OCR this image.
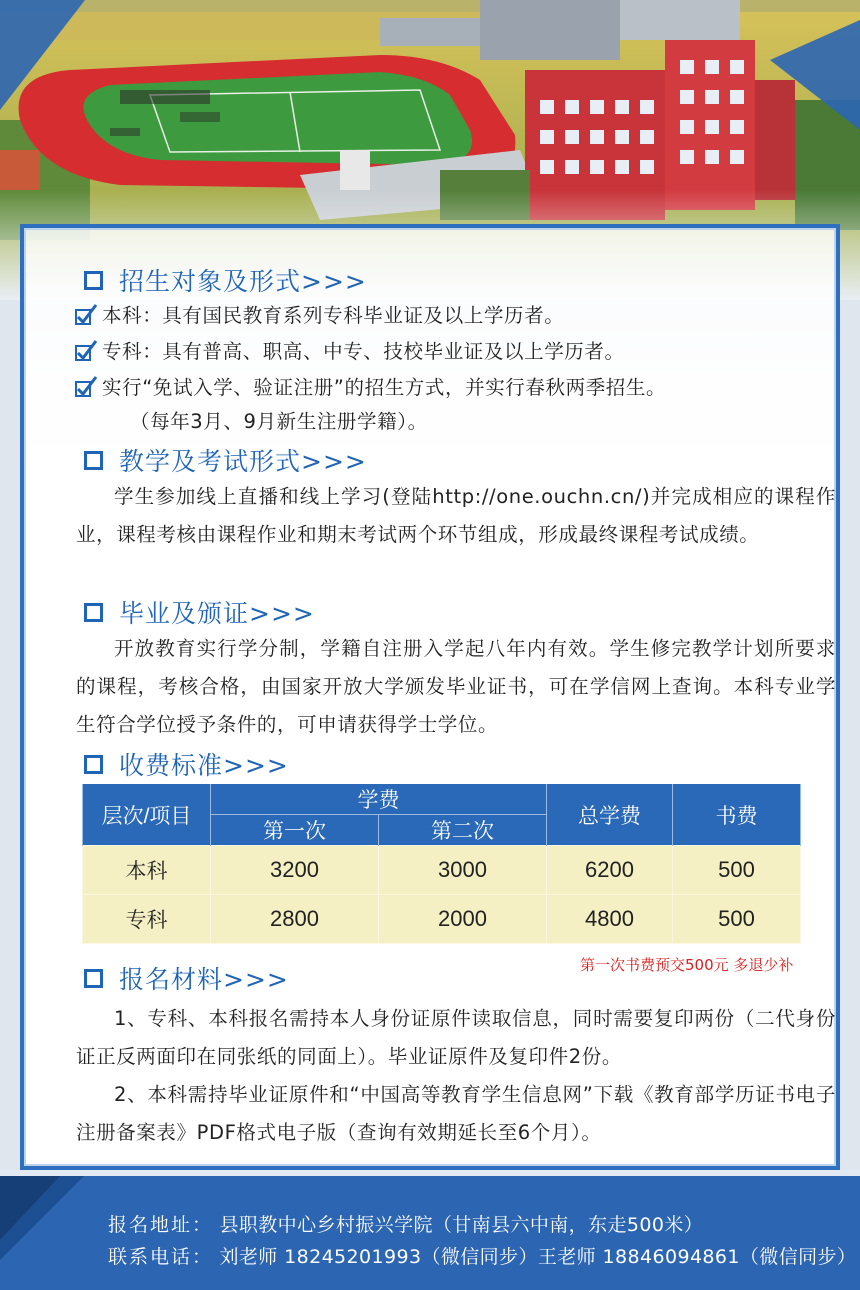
招生对象及形式>>>
本科：具有国民教育系列专科毕业证及以上学历者。
专科：具有普高、职高、中专、技校毕业证及以上学历者。
实行“免试入学、验证注册”的招生方式，并实行春秋两季招生。
（每年3月、9月新生注册学籍）。
教学及考试形式>>>
学生参加线上直播和线上学习(登陆http://one.ouchn.cn/)并完成相应的课程作业，课程考核由课程作业和期末考试两个环节组成，形成最终课程考试成绩。
毕业及颁证>>>
开放教育实行学分制，学籍自注册入学起八年内有效。学生修完教学计划所要求的课程，考核合格，由国家开放大学颁发毕业证书，可在学信网上查询。本科专业学生符合学位授予条件的，可申请获得学士学位。
收费标准>>>
层次/项目	学费		总学费	书费
	第一次	第二次		
本科	3200	3000	6200	500
专科	2800	2000	4800	500
第一次书费预交500元 多退少补
报名材料>>>
1、专科、本科报名需持本人身份证原件读取信息，同时需要复印两份（二代身份证正反两面印在同张纸的同面上）。毕业证原件及复印件2份。
2、本科需持毕业证原件和“中国高等教育学生信息网”下载《教育部学历证书电子注册备案表》PDF格式电子版（查询有效期延长至6个月）。
报名地址： 县职教中心乡村振兴学院（甘南县六中南，东走500米）
联系电话： 刘老师 18245201993（微信同步）王老师 18846094861（微信同步）
